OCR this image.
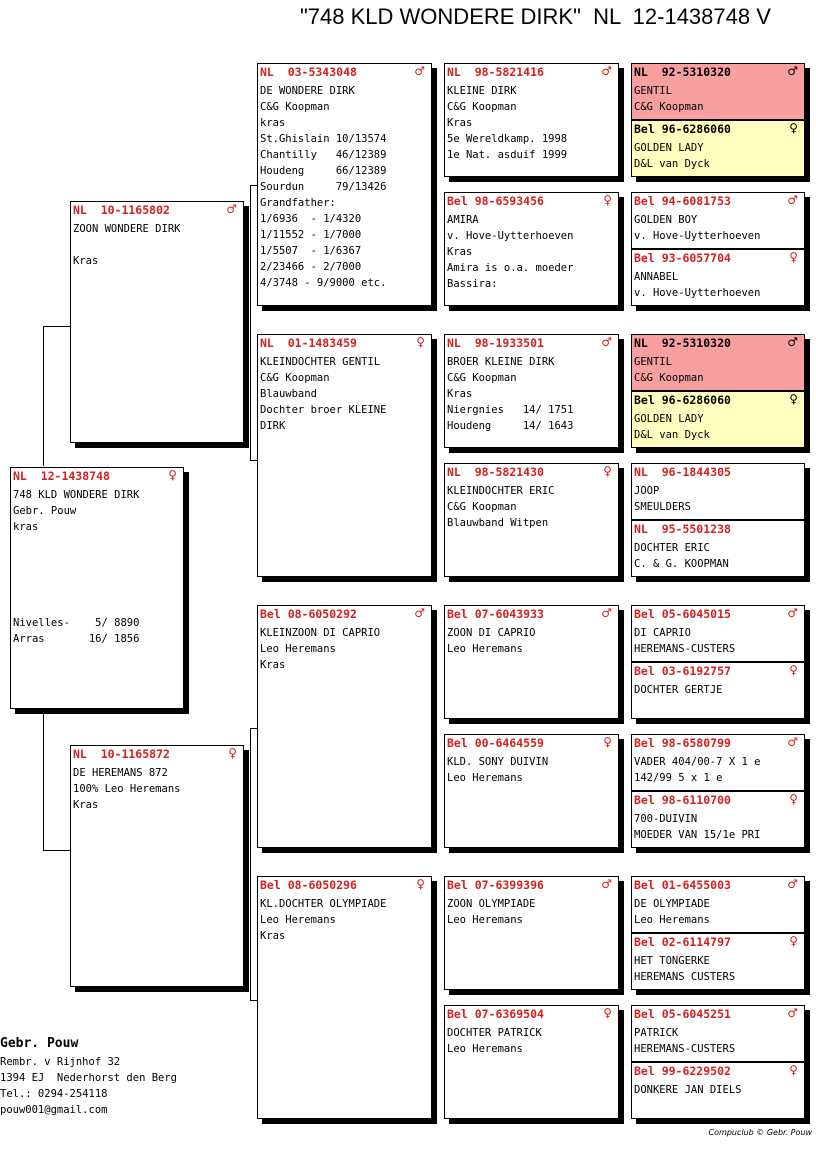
"748 KLD WONDERE DIRK"  NL  12-1438748 V
NL  12-1438748	♀
748 KLD WONDERE DIRK
Gebr. Pouw
kras

Nivelles-    5/ 8890
Arras       16/ 1856
NL  10-1165802	♂
ZOON WONDERE DIRK

Kras
NL  10-1165872	♀
DE HEREMANS 872
100% Leo Heremans
Kras
NL  03-5343048	♂
DE WONDERE DIRK
C&G Koopman
kras
St.Ghislain 10/13574
Chantilly   46/12389
Houdeng     66/12389
Sourdun     79/13426
Grandfather:
1/6936  - 1/4320
1/11552 - 1/7000
1/5507  - 1/6367
2/23466 - 2/7000
4/3748 - 9/9000 etc.
NL  01-1483459	♀
KLEINDOCHTER GENTIL
C&G Koopman
Blauwband
Dochter broer KLEINE
DIRK
Bel 08-6050292	♂
KLEINZOON DI CAPRIO
Leo Heremans
Kras
Bel 08-6050296	♀
KL.DOCHTER OLYMPIADE
Leo Heremans
Kras
NL  98-5821416	♂
KLEINE DIRK
C&G Koopman
Kras
5e Wereldkamp. 1998
1e Nat. asduif 1999
Bel 98-6593456	♀
AMIRA
v. Hove-Uytterhoeven
Kras
Amira is o.a. moeder
Bassira:
NL  98-1933501	♂
BROER KLEINE DIRK
C&G Koopman
Kras
Niergnies   14/ 1751
Houdeng     14/ 1643
NL  98-5821430	♀
KLEINDOCHTER ERIC
C&G Koopman
Blauwband Witpen
Bel 07-6043933	♂
ZOON DI CAPRIO
Leo Heremans
Bel 00-6464559	♀
KLD. SONY DUIVIN
Leo Heremans
Bel 07-6399396	♂
ZOON OLYMPIADE
Leo Heremans
Bel 07-6369504	♀
DOCHTER PATRICK
Leo Heremans
NL  92-5310320	♂
GENTIL
C&G Koopman
Bel 96-6286060	♀
GOLDEN LADY
D&L van Dyck
Bel 94-6081753	♂
GOLDEN BOY
v. Hove-Uytterhoeven
Bel 93-6057704	♀
ANNABEL
v. Hove-Uytterhoeven
NL  92-5310320	♂
GENTIL
C&G Koopman
Bel 96-6286060	♀
GOLDEN LADY
D&L van Dyck
NL  96-1844305
JOOP
SMEULDERS
NL  95-5501238
DOCHTER ERIC
C. & G. KOOPMAN
Bel 05-6045015	♂
DI CAPRIO
HEREMANS-CUSTERS
Bel 03-6192757	♀
DOCHTER GERTJE
Bel 98-6580799	♂
VADER 404/00-7 X 1 e
142/99 5 x 1 e
Bel 98-6110700	♀
700-DUIVIN
MOEDER VAN 15/1e PRI
Bel 01-6455003	♂
DE OLYMPIADE
Leo Heremans
Bel 02-6114797	♀
HET TONGERKE
HEREMANS CUSTERS
Bel 05-6045251	♂
PATRICK
HEREMANS-CUSTERS
Bel 99-6229502	♀
DONKERE JAN DIELS
Gebr. Pouw
Rembr. v Rijnhof 32
1394 EJ  Nederhorst den Berg
Tel.: 0294-254118
pouw001@gmail.com
Compuclub © Gebr. Pouw
